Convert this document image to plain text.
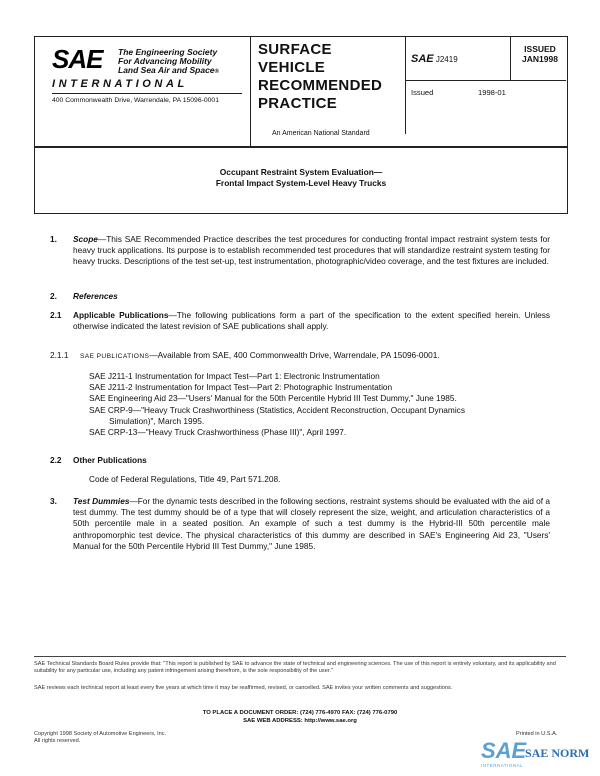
SAE The Engineering Society
For Advancing Mobility
Land Sea Air and Space®
INTERNATIONAL
400 Commonwealth Drive, Warrendale, PA 15096-0001
SURFACE
VEHICLE
RECOMMENDED
PRACTICE
SAE J2419
ISSUED
JAN1998
Issued	1998-01
An American National Standard
Occupant Restraint System Evaluation—
Frontal Impact System-Level Heavy Trucks
1.	Scope—This SAE Recommended Practice describes the test procedures for conducting frontal impact restraint system tests for heavy truck applications. Its purpose is to establish recommended test procedures that will standardize restraint system testing for heavy trucks. Descriptions of the test set-up, test instrumentation, photographic/video coverage, and the test fixtures are included.
2. References
2.1	Applicable Publications—The following publications form a part of the specification to the extent specified herein. Unless otherwise indicated the latest revision of SAE publications shall apply.
2.1.1 SAE PUBLICATIONS—Available from SAE, 400 Commonwealth Drive, Warrendale, PA 15096-0001.
SAE J211-1 Instrumentation for Impact Test—Part 1: Electronic Instrumentation
SAE J211-2 Instrumentation for Impact Test—Part 2: Photographic Instrumentation
SAE Engineering Aid 23—"Users' Manual for the 50th Percentile Hybrid III Test Dummy," June 1985.
SAE CRP-9—"Heavy Truck Crashworthiness (Statistics, Accident Reconstruction, Occupant Dynamics
Simulation)", March 1995.
SAE CRP-13—"Heavy Truck Crashworthiness (Phase III)", April 1997.
2.2 Other Publications
Code of Federal Regulations, Title 49, Part 571.208.
3.	Test Dummies—For the dynamic tests described in the following sections, restraint systems should be evaluated with the aid of a test dummy. The test dummy should be of a type that will closely represent the size, weight, and articulation characteristics of a 50th percentile male in a seated position. An example of such a test dummy is the Hybrid-III 50th percentile male anthropomorphic test device. The physical characteristics of this dummy are described in SAE's Engineering Aid 23, "Users' Manual for the 50th Percentile Hybrid III Test Dummy," June 1985.
SAE Technical Standards Board Rules provide that: "This report is published by SAE to advance the state of technical and engineering sciences. The use of this report is entirely voluntary, and its applicability and suitability for any particular use, including any patent infringement arising therefrom, is the sole responsibility of the user."
SAE reviews each technical report at least every five years at which time it may be reaffirmed, revised, or cancelled. SAE invites your written comments and suggestions.
TO PLACE A DOCUMENT ORDER: (724) 776-4970 FAX: (724) 776-0790
SAE WEB ADDRESS: http://www.sae.org
Copyright 1998 Society of Automotive Engineers, Inc.
All rights reserved.
Printed in U.S.A.
SAE
SAE NORM
INTERNATIONAL
